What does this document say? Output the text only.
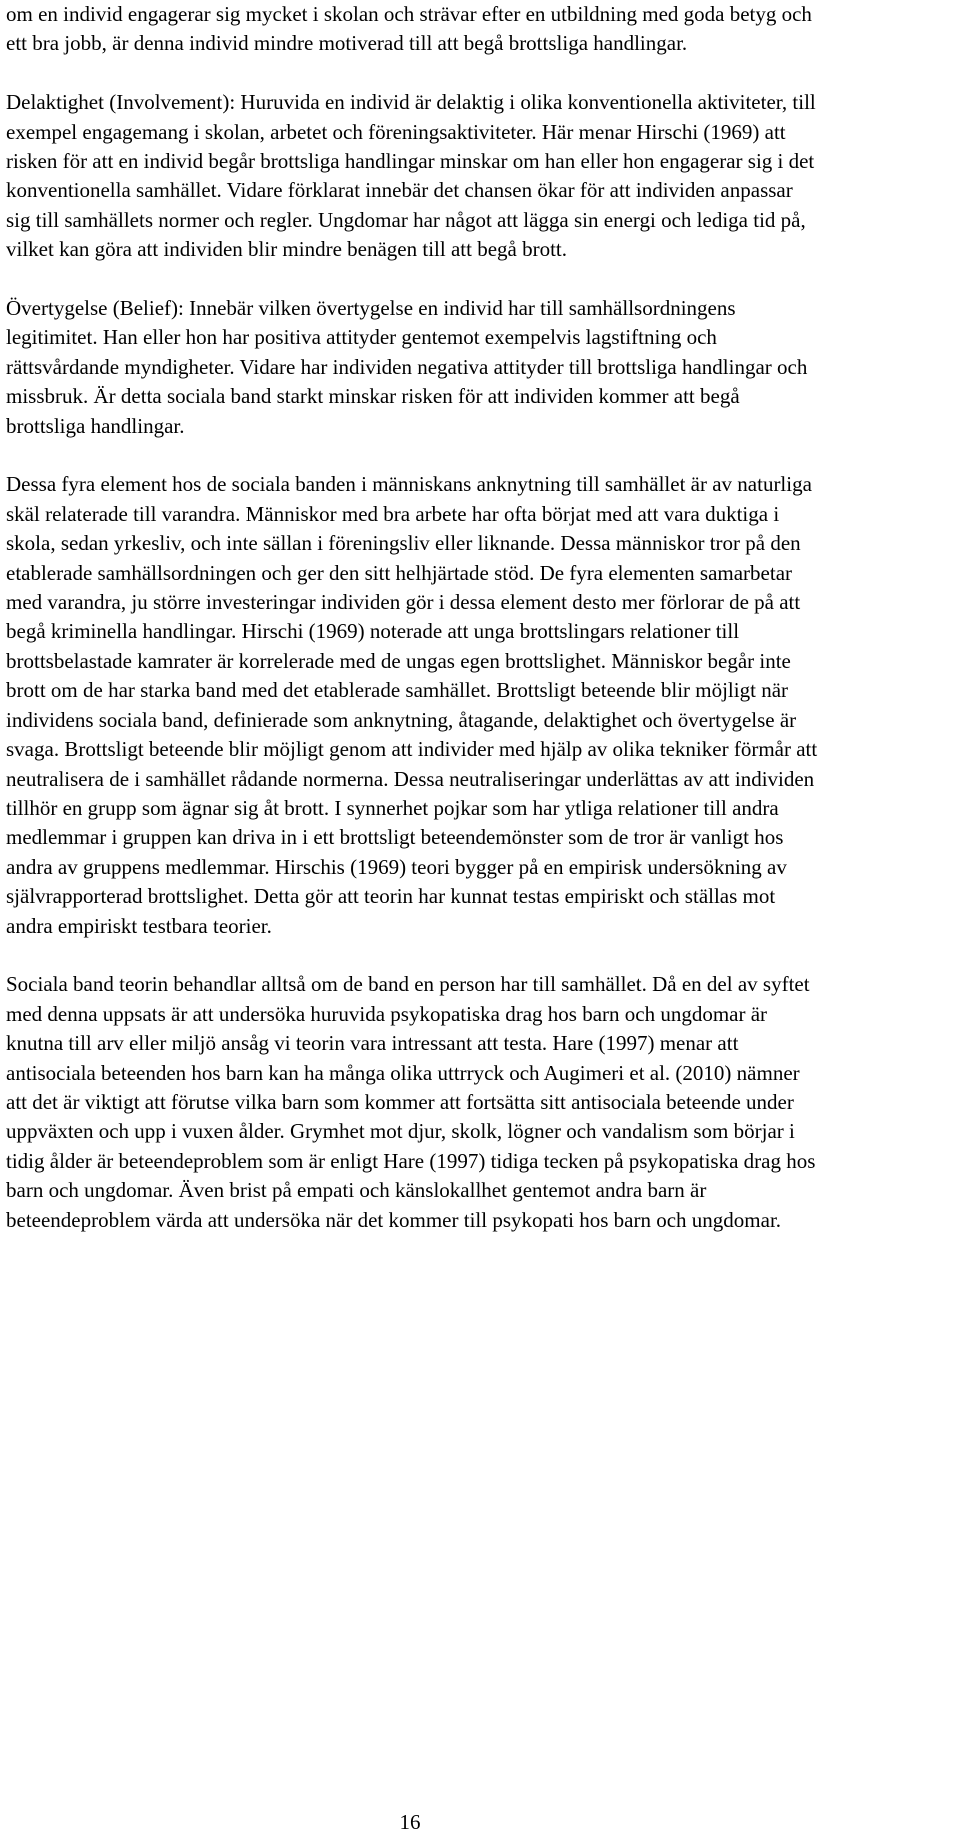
om en individ engagerar sig mycket i skolan och strävar efter en utbildning med goda betyg och ett bra jobb, är denna individ mindre motiverad till att begå brottsliga handlingar.

Delaktighet (Involvement): Huruvida en individ är delaktig i olika konventionella aktiviteter, till exempel engagemang i skolan, arbetet och föreningsaktiviteter. Här menar Hirschi (1969) att risken för att en individ begår brottsliga handlingar minskar om han eller hon engagerar sig i det konventionella samhället. Vidare förklarat innebär det chansen ökar för att individen anpassar sig till samhällets normer och regler. Ungdomar har något att lägga sin energi och lediga tid på, vilket kan göra att individen blir mindre benägen till att begå brott.

Övertygelse (Belief): Innebär vilken övertygelse en individ har till samhällsordningens legitimitet. Han eller hon har positiva attityder gentemot exempelvis lagstiftning och rättsvårdande myndigheter. Vidare har individen negativa attityder till brottsliga handlingar och missbruk. Är detta sociala band starkt minskar risken för att individen kommer att begå brottsliga handlingar.

Dessa fyra element hos de sociala banden i människans anknytning till samhället är av naturliga skäl relaterade till varandra. Människor med bra arbete har ofta börjat med att vara duktiga i skola, sedan yrkesliv, och inte sällan i föreningsliv eller liknande. Dessa människor tror på den etablerade samhällsordningen och ger den sitt helhjärtade stöd. De fyra elementen samarbetar med varandra, ju större investeringar individen gör i dessa element desto mer förlorar de på att begå kriminella handlingar. Hirschi (1969) noterade att unga brottslingars relationer till brottsbelastade kamrater är korrelerade med de ungas egen brottslighet. Människor begår inte brott om de har starka band med det etablerade samhället. Brottsligt beteende blir möjligt när individens sociala band, definierade som anknytning, åtagande, delaktighet och övertygelse är svaga. Brottsligt beteende blir möjligt genom att individer med hjälp av olika tekniker förmår att neutralisera de i samhället rådande normerna. Dessa neutraliseringar underlättas av att individen tillhör en grupp som ägnar sig åt brott. I synnerhet pojkar som har ytliga relationer till andra medlemmar i gruppen kan driva in i ett brottsligt beteendemönster som de tror är vanligt hos andra av gruppens medlemmar. Hirschis (1969) teori bygger på en empirisk undersökning av självrapporterad brottslighet. Detta gör att teorin har kunnat testas empiriskt och ställas mot andra empiriskt testbara teorier.

Sociala band teorin behandlar alltså om de band en person har till samhället. Då en del av syftet med denna uppsats är att undersöka huruvida psykopatiska drag hos barn och ungdomar är knutna till arv eller miljö ansåg vi teorin vara intressant att testa. Hare (1997) menar att antisociala beteenden hos barn kan ha många olika uttrryck och Augimeri et al. (2010) nämner att det är viktigt att förutse vilka barn som kommer att fortsätta sitt antisociala beteende under uppväxten och upp i vuxen ålder. Grymhet mot djur, skolk, lögner och vandalism som börjar i tidig ålder är beteendeproblem som är enligt Hare (1997) tidiga tecken på psykopatiska drag hos barn och ungdomar. Även brist på empati och känslokallhet gentemot andra barn är beteendeproblem värda att undersöka när det kommer till psykopati hos barn och ungdomar.

16
